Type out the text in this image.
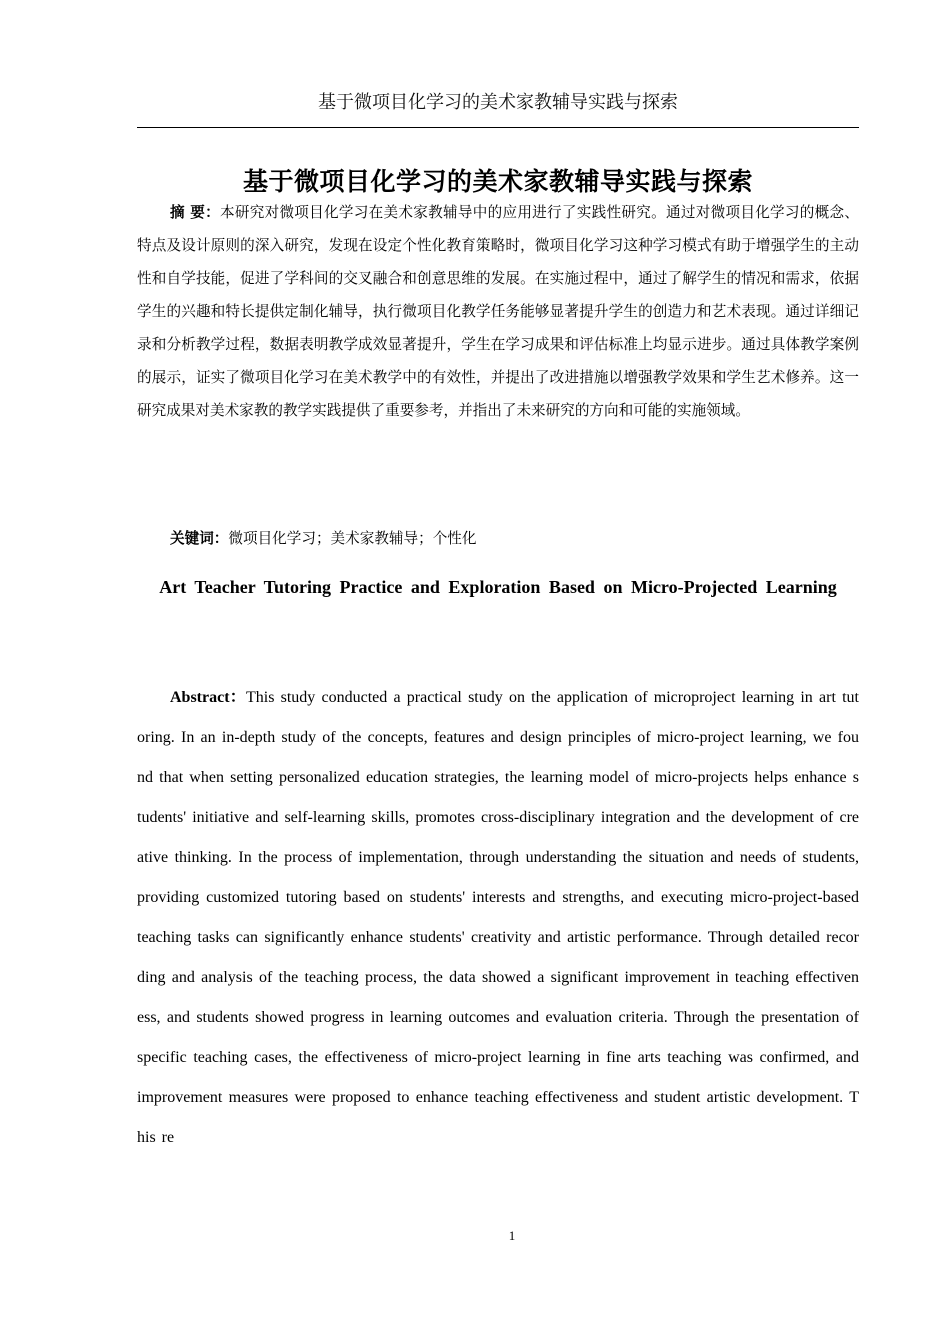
基于微项目化学习的美术家教辅导实践与探索
基于微项目化学习的美术家教辅导实践与探索
摘 要：本研究对微项目化学习在美术家教辅导中的应用进行了实践性研究。通过对微项目化学习的概念、特点及设计原则的深入研究，发现在设定个性化教育策略时，微项目化学习这种学习模式有助于增强学生的主动性和自学技能，促进了学科间的交叉融合和创意思维的发展。在实施过程中，通过了解学生的情况和需求，依据学生的兴趣和特长提供定制化辅导，执行微项目化教学任务能够显著提升学生的创造力和艺术表现。通过详细记录和分析教学过程，数据表明教学成效显著提升，学生在学习成果和评估标准上均显示进步。通过具体教学案例的展示，证实了微项目化学习在美术教学中的有效性，并提出了改进措施以增强教学效果和学生艺术修养。这一研究成果对美术家教的教学实践提供了重要参考，并指出了未来研究的方向和可能的实施领域。
关键词：微项目化学习；美术家教辅导；个性化
Art Teacher Tutoring Practice and Exploration Based on Micro-Projected Learning
Abstract：This study conducted a practical study on the application of microproject learning in art tutoring. In an in-depth study of the concepts, features and design principles of micro-project learning, we found that when setting personalized education strategies, the learning model of micro-projects helps enhance students' initiative and self-learning skills, promotes cross-disciplinary integration and the development of creative thinking. In the process of implementation, through understanding the situation and needs of students, providing customized tutoring based on students' interests and strengths, and executing micro-project-based teaching tasks can significantly enhance students' creativity and artistic performance. Through detailed recording and analysis of the teaching process, the data showed a significant improvement in teaching effectiveness, and students showed progress in learning outcomes and evaluation criteria. Through the presentation of specific teaching cases, the effectiveness of micro-project learning in fine arts teaching was confirmed, and improvement measures were proposed to enhance teaching effectiveness and student artistic development. This re
1
